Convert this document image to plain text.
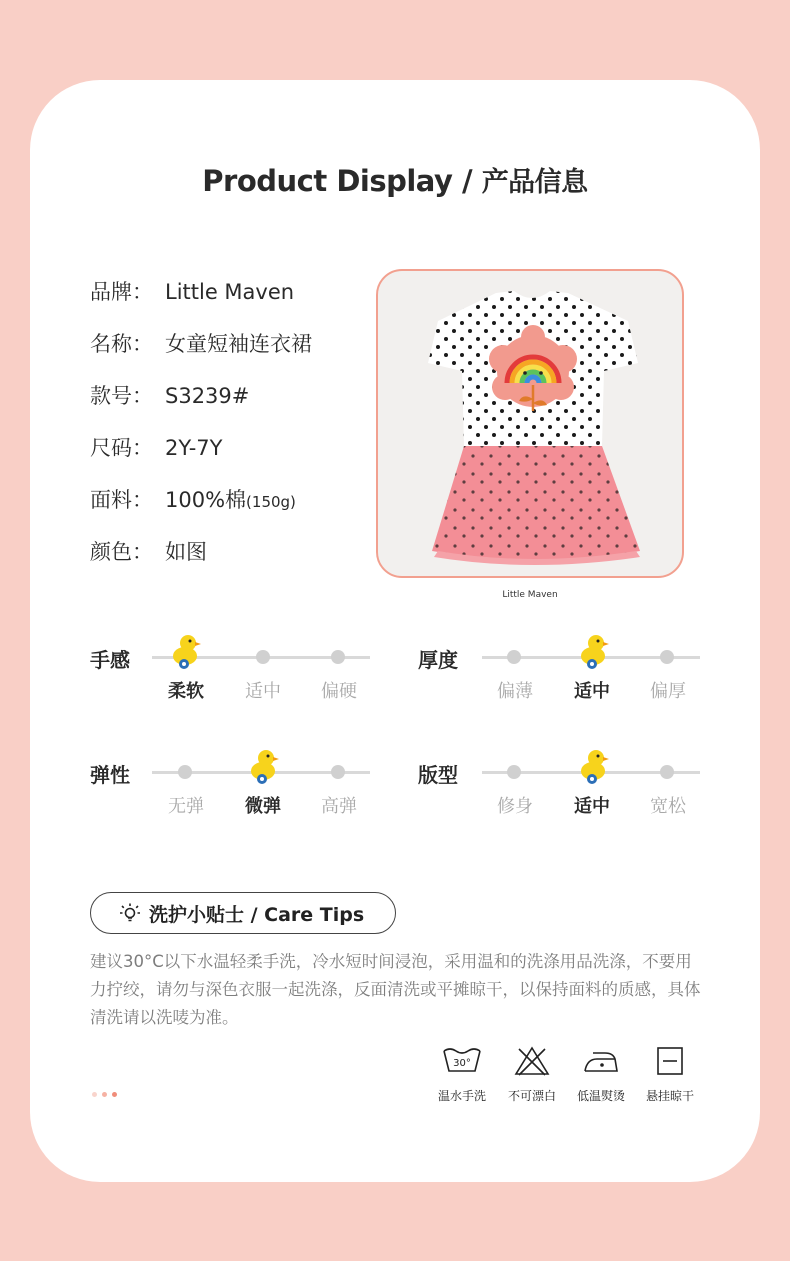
Product Display / 产品信息
品牌： Little Maven
名称： 女童短袖连衣裙
款号： S3239#
尺码： 2Y-7Y
面料： 100%棉(150g)
颜色： 如图
Little Maven
手感
柔软	适中	偏硬
厚度
偏薄	适中	偏厚
弹性
无弹	微弹	高弹
版型
修身	适中	宽松
洗护小贴士 / Care Tips
建议30°C以下水温轻柔手洗，冷水短时间浸泡，采用温和的洗涤用品洗涤，不要用力拧绞，请勿与深色衣服一起洗涤，反面清洗或平摊晾干，以保持面料的质感，具体清洗请以洗唛为准。
30°
温水手洗	不可漂白	低温熨烫	悬挂晾干
